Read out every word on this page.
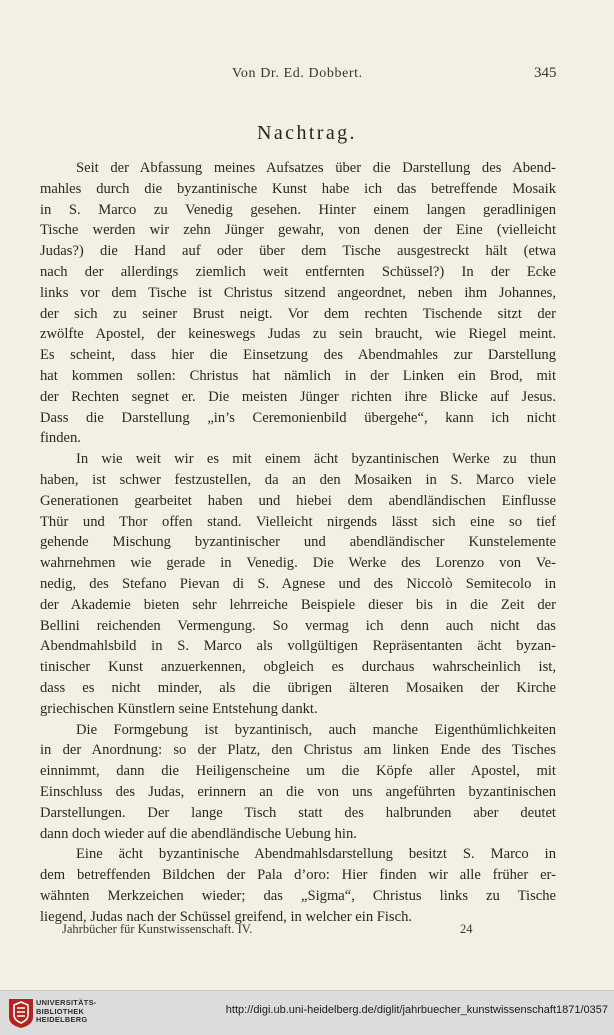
Von Dr. Ed. Dobbert.	345
Nachtrag.
Seit der Abfassung meines Aufsatzes über die Darstellung des Abend-
mahles durch die byzantinische Kunst habe ich das betreffende Mosaik
in S. Marco zu Venedig gesehen. Hinter einem langen geradlinigen
Tische werden wir zehn Jünger gewahr, von denen der Eine (vielleicht
Judas?) die Hand auf oder über dem Tische ausgestreckt hält (etwa
nach der allerdings ziemlich weit entfernten Schüssel?) In der Ecke
links vor dem Tische ist Christus sitzend angeordnet, neben ihm Johannes,
der sich zu seiner Brust neigt. Vor dem rechten Tischende sitzt der
zwölfte Apostel, der keineswegs Judas zu sein braucht, wie Riegel meint.
Es scheint, dass hier die Einsetzung des Abendmahles zur Darstellung
hat kommen sollen: Christus hat nämlich in der Linken ein Brod, mit
der Rechten segnet er. Die meisten Jünger richten ihre Blicke auf Jesus.
Dass die Darstellung „in’s Ceremonienbild übergehe“, kann ich nicht
finden.
In wie weit wir es mit einem ächt byzantinischen Werke zu thun
haben, ist schwer festzustellen, da an den Mosaiken in S. Marco viele
Generationen gearbeitet haben und hiebei dem abendländischen Einflusse
Thür und Thor offen stand. Vielleicht nirgends lässt sich eine so tief
gehende Mischung byzantinischer und abendländischer Kunstelemente
wahrnehmen wie gerade in Venedig. Die Werke des Lorenzo von Ve-
nedig, des Stefano Pievan di S. Agnese und des Niccolò Semitecolo in
der Akademie bieten sehr lehrreiche Beispiele dieser bis in die Zeit der
Bellini reichenden Vermengung. So vermag ich denn auch nicht das
Abendmahlsbild in S. Marco als vollgültigen Repräsentanten ächt byzan-
tinischer Kunst anzuerkennen, obgleich es durchaus wahrscheinlich ist,
dass es nicht minder, als die übrigen älteren Mosaiken der Kirche
griechischen Künstlern seine Entstehung dankt.
Die Formgebung ist byzantinisch, auch manche Eigenthümlichkeiten
in der Anordnung: so der Platz, den Christus am linken Ende des Tisches
einnimmt, dann die Heiligenscheine um die Köpfe aller Apostel, mit
Einschluss des Judas, erinnern an die von uns angeführten byzantinischen
Darstellungen. Der lange Tisch statt des halbrunden aber deutet
dann doch wieder auf die abendländische Uebung hin.
Eine ächt byzantinische Abendmahlsdarstellung besitzt S. Marco in
dem betreffenden Bildchen der Pala d’oro: Hier finden wir alle früher er-
wähnten Merkzeichen wieder; das „Sigma“, Christus links zu Tische
liegend, Judas nach der Schüssel greifend, in welcher ein Fisch.
Jahrbücher für Kunstwissenschaft. IV.	24
UNIVERSITÄTS-
BIBLIOTHEK
HEIDELBERG
http://digi.ub.uni-heidelberg.de/diglit/jahrbuecher_kunstwissenschaft1871/0357
